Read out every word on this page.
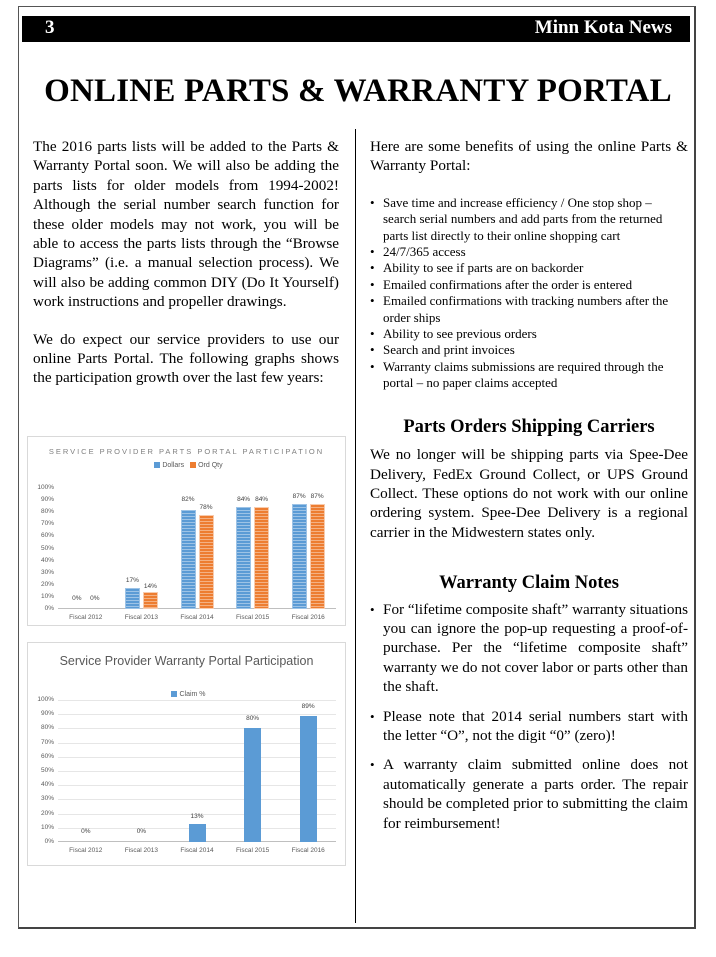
3	Minn Kota News
ONLINE PARTS & WARRANTY PORTAL

The 2016 parts lists will be added to the Parts & Warranty Portal soon. We will also be adding the parts lists for older models from 1994-2002! Although the serial number search function for these older models may not work, you will be able to access the parts lists through the “Browse Diagrams” (i.e. a manual selection process). We will also be adding common DIY (Do It Yourself) work instructions and propeller drawings.

We do expect our service providers to use our online Parts Portal. The following graphs shows the participation growth over the last few years:

SERVICE PROVIDER PARTS PORTAL PARTICIPATION
Dollars Ord Qty
0%	0%
17%
14%
82%
78%
84% 84%
87% 87%
0%
10%
20%
30%
40%
50%
60%
70%
80%
90%
100%
Fiscal 2012	Fiscal 2013	Fiscal 2014	Fiscal 2015	Fiscal 2016
Service Provider Warranty Portal Participation
Claim %
0%	0%
13%
80%
89%
0%
10%
20%
30%
40%
50%
60%
70%
80%
90%
100%
Fiscal 2012	Fiscal 2013	Fiscal 2014	Fiscal 2015	Fiscal 2016

Here are some benefits of using the online Parts & Warranty Portal:

• Save time and increase efficiency / One stop shop – search serial numbers and add parts from the returned parts list directly to their online shopping cart
• 24/7/365 access
• Ability to see if parts are on backorder
• Emailed confirmations after the order is entered
• Emailed confirmations with tracking numbers after the order ships
• Ability to see previous orders
• Search and print invoices
• Warranty claims submissions are required through the portal – no paper claims accepted
Parts Orders Shipping Carriers

We no longer will be shipping parts via Spee-Dee Delivery, FedEx Ground Collect, or UPS Ground Collect. These options do not work with our online ordering system. Spee-Dee Delivery is a regional carrier in the Midwestern states only.

Warranty Claim Notes
• For “lifetime composite shaft” warranty situations you can ignore the pop-up requesting a proof-of-purchase. Per the “lifetime composite shaft” warranty we do not cover labor or parts other than the shaft.
• Please note that 2014 serial numbers start with the letter “O”, not the digit “0” (zero)!
• A warranty claim submitted online does not automatically generate a parts order. The repair should be completed prior to submitting the claim for reimbursement!
